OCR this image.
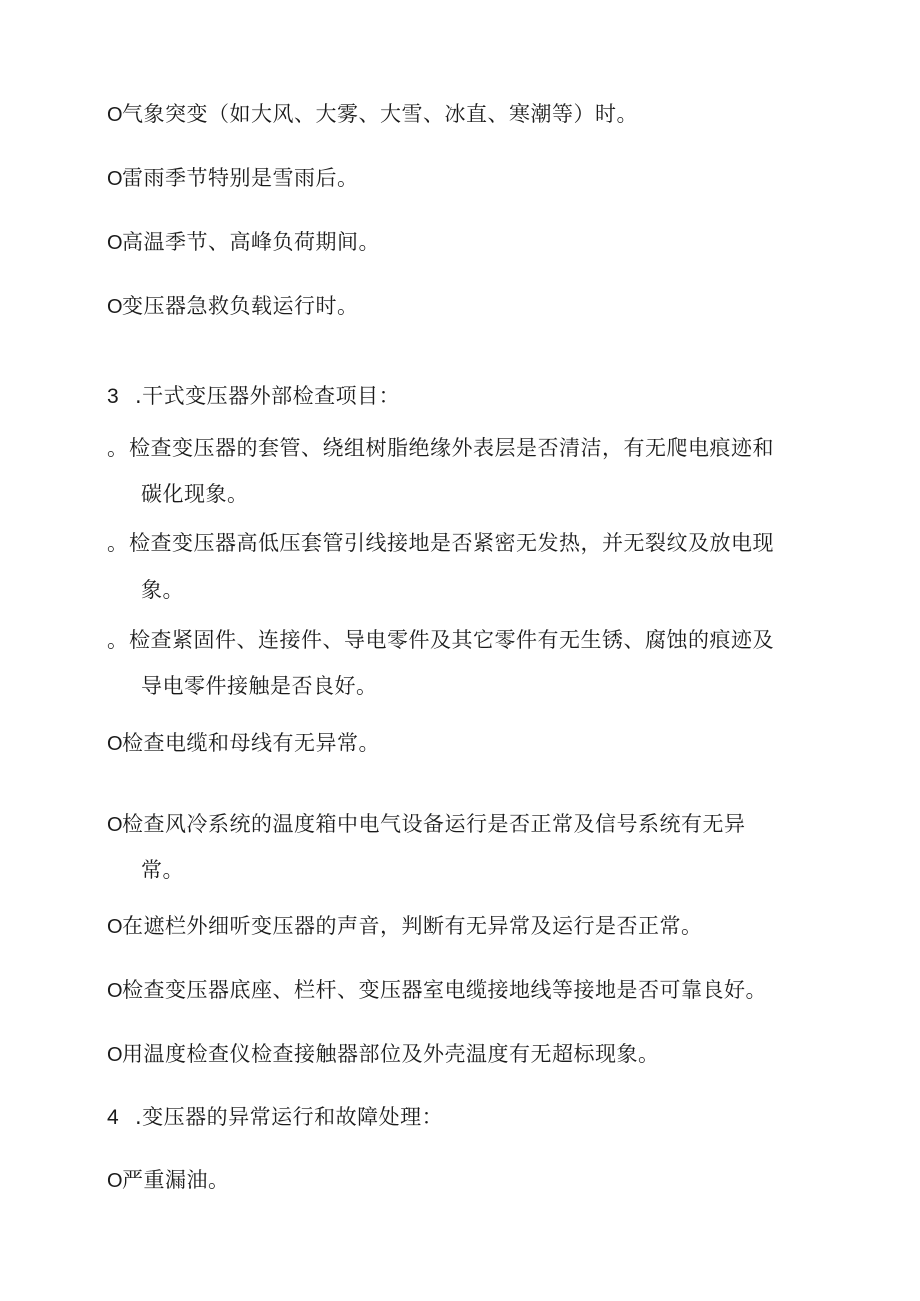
O气象突变（如大风、大雾、大雪、冰直、寒潮等）时。
O雷雨季节特别是雪雨后。
O高温季节、高峰负荷期间。
O变压器急救负载运行时。
3 .干式变压器外部检查项目：
。检查变压器的套管、绕组树脂绝缘外表层是否清洁，有无爬电痕迹和
碳化现象。
。检查变压器高低压套管引线接地是否紧密无发热，并无裂纹及放电现
象。
。检查紧固件、连接件、导电零件及其它零件有无生锈、腐蚀的痕迹及
导电零件接触是否良好。
O检查电缆和母线有无异常。
O检查风冷系统的温度箱中电气设备运行是否正常及信号系统有无异
常。
O在遮栏外细听变压器的声音，判断有无异常及运行是否正常。
O检查变压器底座、栏杆、变压器室电缆接地线等接地是否可靠良好。
O用温度检查仪检查接触器部位及外壳温度有无超标现象。
4 .变压器的异常运行和故障处理：
O严重漏油。
